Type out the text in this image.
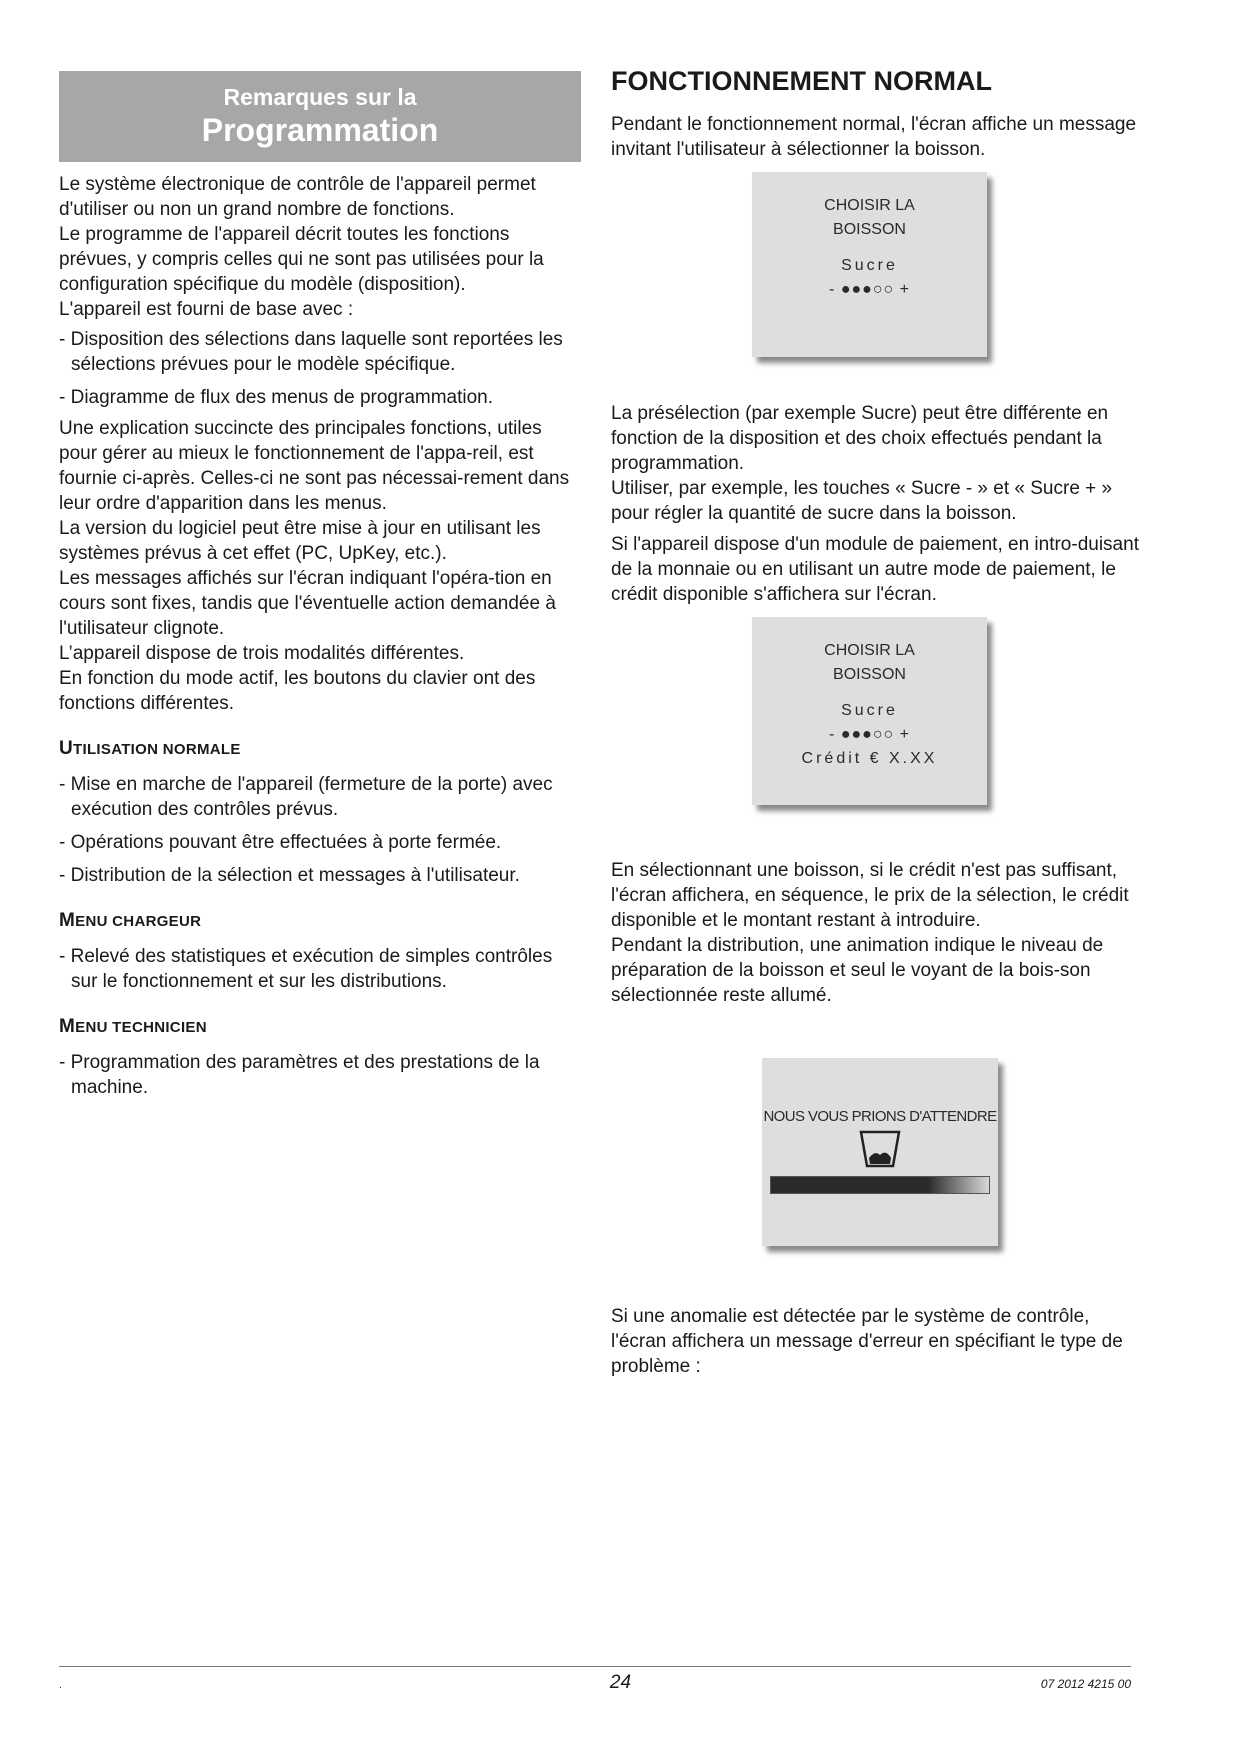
Remarques sur la
Programmation

Le système électronique de contrôle de l'appareil permet d'utiliser ou non un grand nombre de fonctions.

Le programme de l'appareil décrit toutes les fonctions prévues, y compris celles qui ne sont pas utilisées pour la configuration spécifique du modèle (disposition).

L'appareil est fourni de base avec :

- Disposition des sélections dans laquelle sont reportées les sélections prévues pour le modèle spécifique.
- Diagramme de flux des menus de programmation.

Une explication succincte des principales fonctions, utiles pour gérer au mieux le fonctionnement de l'appa-reil, est fournie ci-après. Celles-ci ne sont pas nécessai-rement dans leur ordre d'apparition dans les menus.

La version du logiciel peut être mise à jour en utilisant les systèmes prévus à cet effet (PC, UpKey, etc.).

Les messages affichés sur l'écran indiquant l'opéra-tion en cours sont fixes, tandis que l'éventuelle action demandée à l'utilisateur clignote.

L’appareil dispose de trois modalités différentes.

En fonction du mode actif, les boutons du clavier ont des fonctions différentes.

UTILISATION NORMALE
- Mise en marche de l'appareil (fermeture de la porte) avec exécution des contrôles prévus.
- Opérations pouvant être effectuées à porte fermée.
- Distribution de la sélection et messages à l'utilisateur.
MENU CHARGEUR
- Relevé des statistiques et exécution de simples contrôles sur le fonctionnement et sur les distributions.
MENU TECHNICIEN
- Programmation des paramètres et des prestations de la machine.
FONCTIONNEMENT NORMAL

Pendant le fonctionnement normal, l'écran affiche un message invitant l'utilisateur à sélectionner la boisson.

CHOISIR LA
BOISSON
Sucre
- ●●●○○ +

La présélection (par exemple Sucre) peut être différente en fonction de la disposition et des choix effectués pendant la programmation.

Utiliser, par exemple, les touches « Sucre - » et « Sucre + » pour régler la quantité de sucre dans la boisson.

Si l'appareil dispose d'un module de paiement, en intro-duisant de la monnaie ou en utilisant un autre mode de paiement, le crédit disponible s'affichera sur l'écran.

CHOISIR LA
BOISSON
Sucre
- ●●●○○ +
Crédit € X.XX

En sélectionnant une boisson, si le crédit n'est pas suffisant, l'écran affichera, en séquence, le prix de la sélection, le crédit disponible et le montant restant à introduire.

Pendant la distribution, une animation indique le niveau de préparation de la boisson et seul le voyant de la bois-son sélectionnée reste allumé.

NOUS VOUS PRIONS D'ATTENDRE

Si une anomalie est détectée par le système de contrôle, l'écran affichera un message d'erreur en spécifiant le type de problème :

.	24	07 2012 4215 00
